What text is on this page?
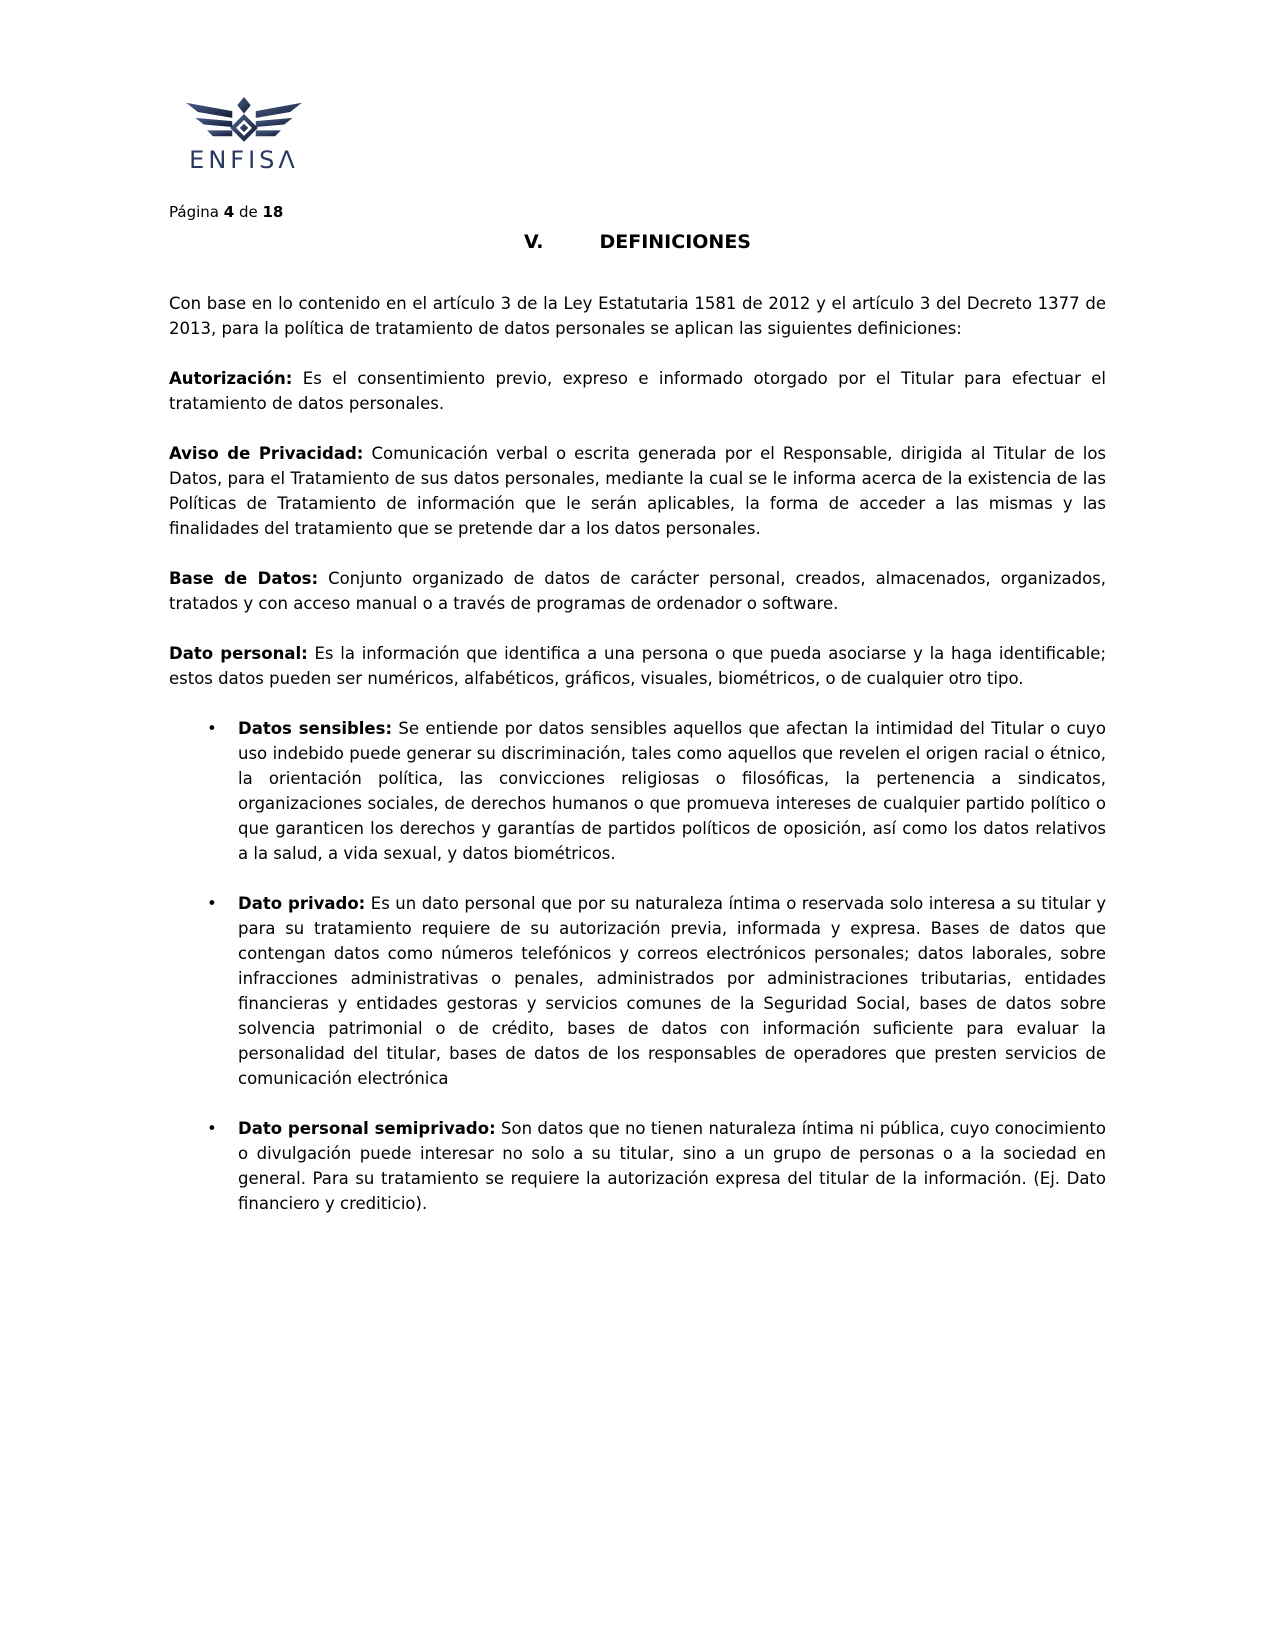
ENFISΛ
Página 4 de 18
V.	DEFINICIONES

Con base en lo contenido en el artículo 3 de la Ley Estatutaria 1581 de 2012 y el artículo 3 del Decreto 1377 de 2013, para la política de tratamiento de datos personales se aplican las siguientes definiciones:

Autorización: Es el consentimiento previo, expreso e informado otorgado por el Titular para efectuar el tratamiento de datos personales.

Aviso de Privacidad: Comunicación verbal o escrita generada por el Responsable, dirigida al Titular de los Datos, para el Tratamiento de sus datos personales, mediante la cual se le informa acerca de la existencia de las Políticas de Tratamiento de información que le serán aplicables, la forma de acceder a las mismas y las finalidades del tratamiento que se pretende dar a los datos personales.

Base de Datos: Conjunto organizado de datos de carácter personal, creados, almacenados, organizados, tratados y con acceso manual o a través de programas de ordenador o software.

Dato personal: Es la información que identifica a una persona o que pueda asociarse y la haga identificable; estos datos pueden ser numéricos, alfabéticos, gráficos, visuales, biométricos, o de cualquier otro tipo.

• Datos sensibles: Se entiende por datos sensibles aquellos que afectan la intimidad del Titular o cuyo uso indebido puede generar su discriminación, tales como aquellos que revelen el origen racial o étnico, la orientación política, las convicciones religiosas o filosóficas, la pertenencia a sindicatos, organizaciones sociales, de derechos humanos o que promueva intereses de cualquier partido político o que garanticen los derechos y garantías de partidos políticos de oposición, así como los datos relativos a la salud, a vida sexual, y datos biométricos.
• Dato privado: Es un dato personal que por su naturaleza íntima o reservada solo interesa a su titular y para su tratamiento requiere de su autorización previa, informada y expresa. Bases de datos que contengan datos como números telefónicos y correos electrónicos personales; datos laborales, sobre infracciones administrativas o penales, administrados por administraciones tributarias, entidades financieras y entidades gestoras y servicios comunes de la Seguridad Social, bases de datos sobre solvencia patrimonial o de crédito, bases de datos con información suficiente para evaluar la personalidad del titular, bases de datos de los responsables de operadores que presten servicios de comunicación electrónica
• Dato personal semiprivado: Son datos que no tienen naturaleza íntima ni pública, cuyo conocimiento o divulgación puede interesar no solo a su titular, sino a un grupo de personas o a la sociedad en general. Para su tratamiento se requiere la autorización expresa del titular de la información. (Ej. Dato financiero y crediticio).
